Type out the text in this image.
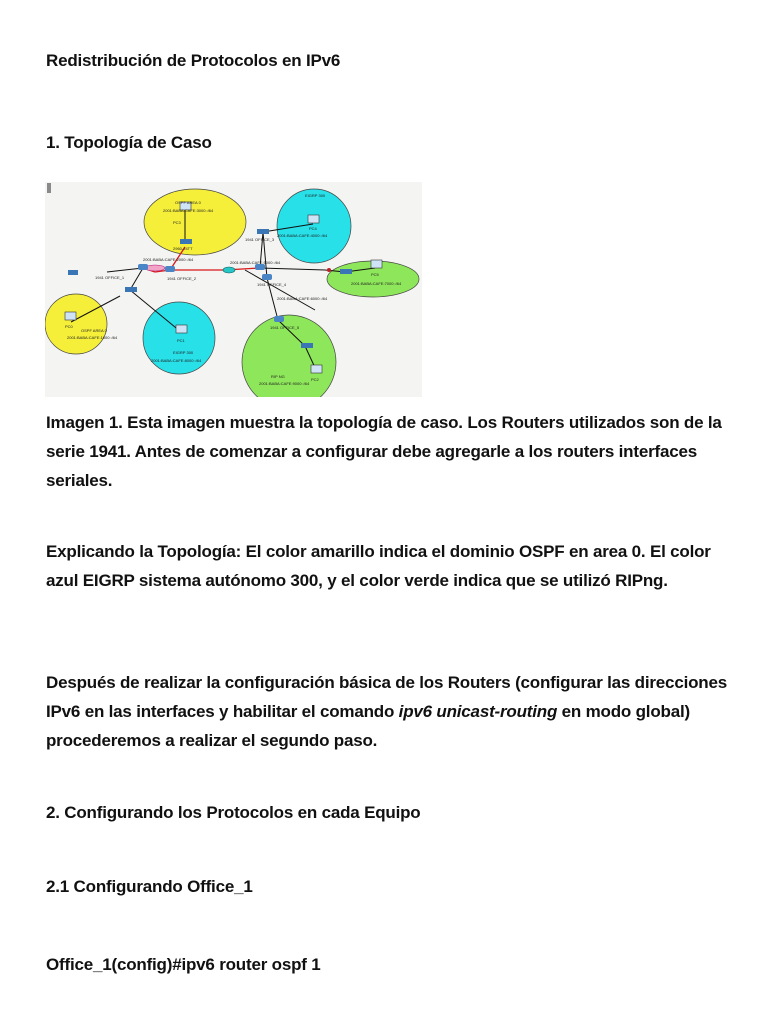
Redistribución de Protocolos en IPv6

1. Topología de Caso

OSPF AREA 0
2001:BABA:CAFE:3000::/64
PC3
2960-24TT
EIGRP 300
PC4
2001:BABA:CAFE:4000::/64
2001:BABA:CAFE:2000::/64
1941 OFFICE_1	1941 OFFICE_2
1941 OFFICE_3
1941 OFFICE_4
1941 OFFICE_5
2001:BABA:CAFE:5000::/64
2001:BABA:CAFE:6000::/64
2001:BABA:CAFE:7000::/64
PC5
OSPF AREA 0
2001:BABA:CAFE:1000::/64
PC0
EIGRP 300
2001:BABA:CAFE:8000::/64
PC1
RIP NG
2001:BABA:CAFE:9000::/64
PC2

Imagen 1. Esta imagen muestra la topología de caso. Los Routers utilizados son de la serie 1941. Antes de comenzar a configurar debe agregarle a los routers interfaces seriales.

Explicando la Topología: El color amarillo indica el dominio OSPF en area 0. El color azul EIGRP sistema autónomo 300, y el color verde indica que se utilizó RIPng.

Después de realizar la configuración básica de los Routers (configurar las direcciones IPv6 en las interfaces y habilitar el comando ipv6 unicast-routing en modo global) procederemos a realizar el segundo paso.

2. Configurando los Protocolos en cada Equipo

2.1 Configurando Office_1

Office_1(config)#ipv6 router ospf 1
